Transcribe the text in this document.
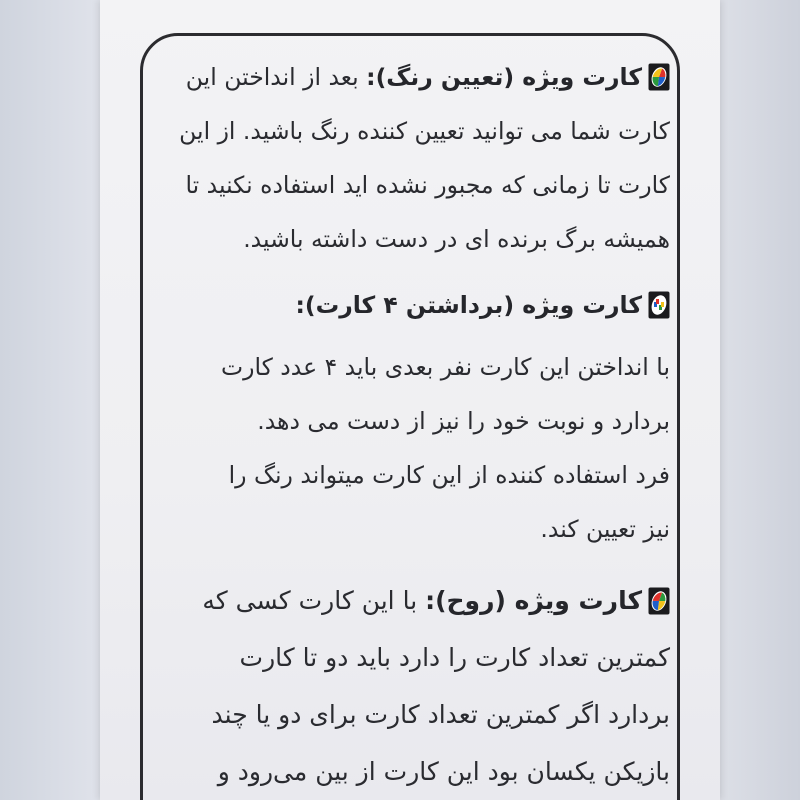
کارت ویژه (تعیین رنگ): بعد از انداختن این
کارت شما می توانید تعیین کننده رنگ باشید. از این
کارت تا زمانی که مجبور نشده اید استفاده نکنید تا
همیشه برگ برنده ای در دست داشته باشید.
کارت ویژه (برداشتن ۴ کارت):
با انداختن این کارت نفر بعدی باید ۴ عدد کارت
بردارد و نوبت خود را نیز از دست می دهد.
فرد استفاده کننده از این کارت میتواند رنگ را
نیز تعیین کند.
کارت ویژه (روح): با این کارت کسی که
کمترین تعداد کارت را دارد باید دو تا کارت
بردارد اگر کمترین تعداد کارت برای دو یا چند
بازیکن یکسان بود این کارت از بین می‌رود و
